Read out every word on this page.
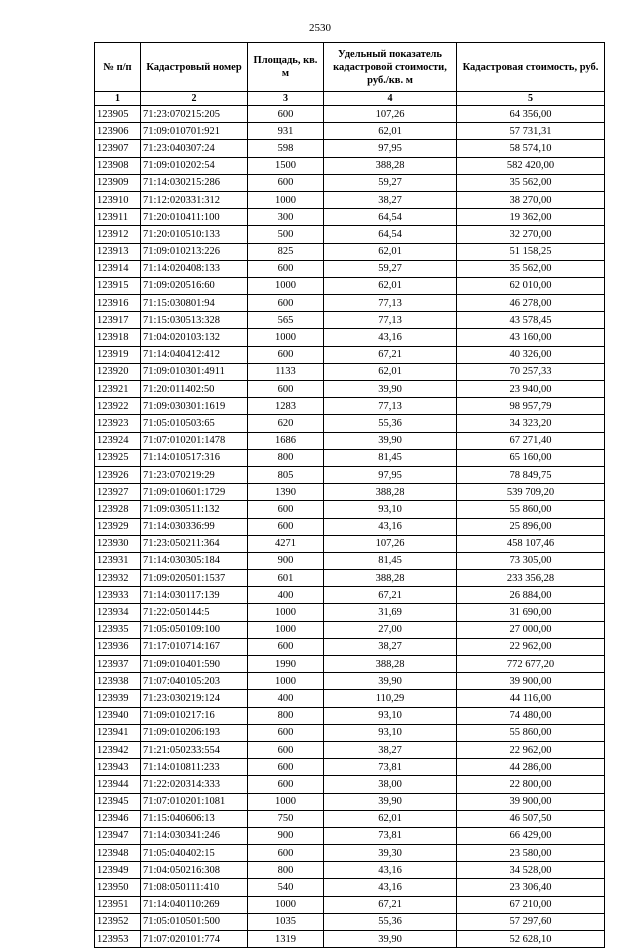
2530
№ п/п	Кадастровый номер	Площадь, кв. м	Удельный показатель кадастровой стоимости, руб./кв. м	Кадастровая стоимость, руб.
1	2	3	4	5
123905	71:23:070215:205	600	107,26	64 356,00
123906	71:09:010701:921	931	62,01	57 731,31
123907	71:23:040307:24	598	97,95	58 574,10
123908	71:09:010202:54	1500	388,28	582 420,00
123909	71:14:030215:286	600	59,27	35 562,00
123910	71:12:020331:312	1000	38,27	38 270,00
123911	71:20:010411:100	300	64,54	19 362,00
123912	71:20:010510:133	500	64,54	32 270,00
123913	71:09:010213:226	825	62,01	51 158,25
123914	71:14:020408:133	600	59,27	35 562,00
123915	71:09:020516:60	1000	62,01	62 010,00
123916	71:15:030801:94	600	77,13	46 278,00
123917	71:15:030513:328	565	77,13	43 578,45
123918	71:04:020103:132	1000	43,16	43 160,00
123919	71:14:040412:412	600	67,21	40 326,00
123920	71:09:010301:4911	1133	62,01	70 257,33
123921	71:20:011402:50	600	39,90	23 940,00
123922	71:09:030301:1619	1283	77,13	98 957,79
123923	71:05:010503:65	620	55,36	34 323,20
123924	71:07:010201:1478	1686	39,90	67 271,40
123925	71:14:010517:316	800	81,45	65 160,00
123926	71:23:070219:29	805	97,95	78 849,75
123927	71:09:010601:1729	1390	388,28	539 709,20
123928	71:09:030511:132	600	93,10	55 860,00
123929	71:14:030336:99	600	43,16	25 896,00
123930	71:23:050211:364	4271	107,26	458 107,46
123931	71:14:030305:184	900	81,45	73 305,00
123932	71:09:020501:1537	601	388,28	233 356,28
123933	71:14:030117:139	400	67,21	26 884,00
123934	71:22:050144:5	1000	31,69	31 690,00
123935	71:05:050109:100	1000	27,00	27 000,00
123936	71:17:010714:167	600	38,27	22 962,00
123937	71:09:010401:590	1990	388,28	772 677,20
123938	71:07:040105:203	1000	39,90	39 900,00
123939	71:23:030219:124	400	110,29	44 116,00
123940	71:09:010217:16	800	93,10	74 480,00
123941	71:09:010206:193	600	93,10	55 860,00
123942	71:21:050233:554	600	38,27	22 962,00
123943	71:14:010811:233	600	73,81	44 286,00
123944	71:22:020314:333	600	38,00	22 800,00
123945	71:07:010201:1081	1000	39,90	39 900,00
123946	71:15:040606:13	750	62,01	46 507,50
123947	71:14:030341:246	900	73,81	66 429,00
123948	71:05:040402:15	600	39,30	23 580,00
123949	71:04:050216:308	800	43,16	34 528,00
123950	71:08:050111:410	540	43,16	23 306,40
123951	71:14:040110:269	1000	67,21	67 210,00
123952	71:05:010501:500	1035	55,36	57 297,60
123953	71:07:020101:774	1319	39,90	52 628,10
